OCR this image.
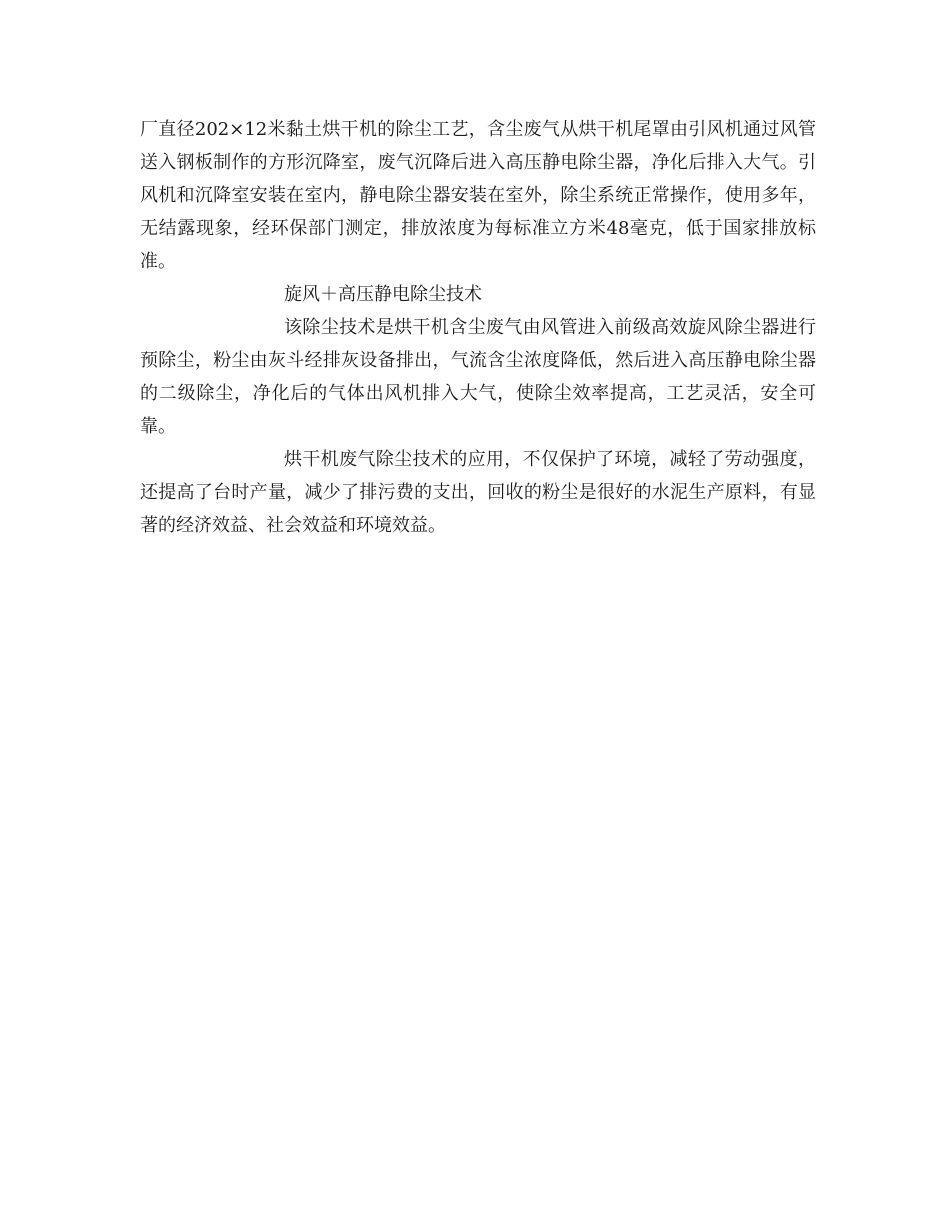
厂直径202×12米黏土烘干机的除尘工艺，含尘废气从烘干机尾罩由引风机通过风管送入钢板制作的方形沉降室，废气沉降后进入高压静电除尘器，净化后排入大气。引风机和沉降室安装在室内，静电除尘器安装在室外，除尘系统正常操作，使用多年，无结露现象，经环保部门测定，排放浓度为每标准立方米48毫克，低于国家排放标准。

旋风＋高压静电除尘技术

该除尘技术是烘干机含尘废气由风管进入前级高效旋风除尘器进行预除尘，粉尘由灰斗经排灰设备排出，气流含尘浓度降低，然后进入高压静电除尘器的二级除尘，净化后的气体出风机排入大气，使除尘效率提高，工艺灵活，安全可靠。

烘干机废气除尘技术的应用，不仅保护了环境，减轻了劳动强度，还提高了台时产量，减少了排污费的支出，回收的粉尘是很好的水泥生产原料，有显著的经济效益、社会效益和环境效益。
